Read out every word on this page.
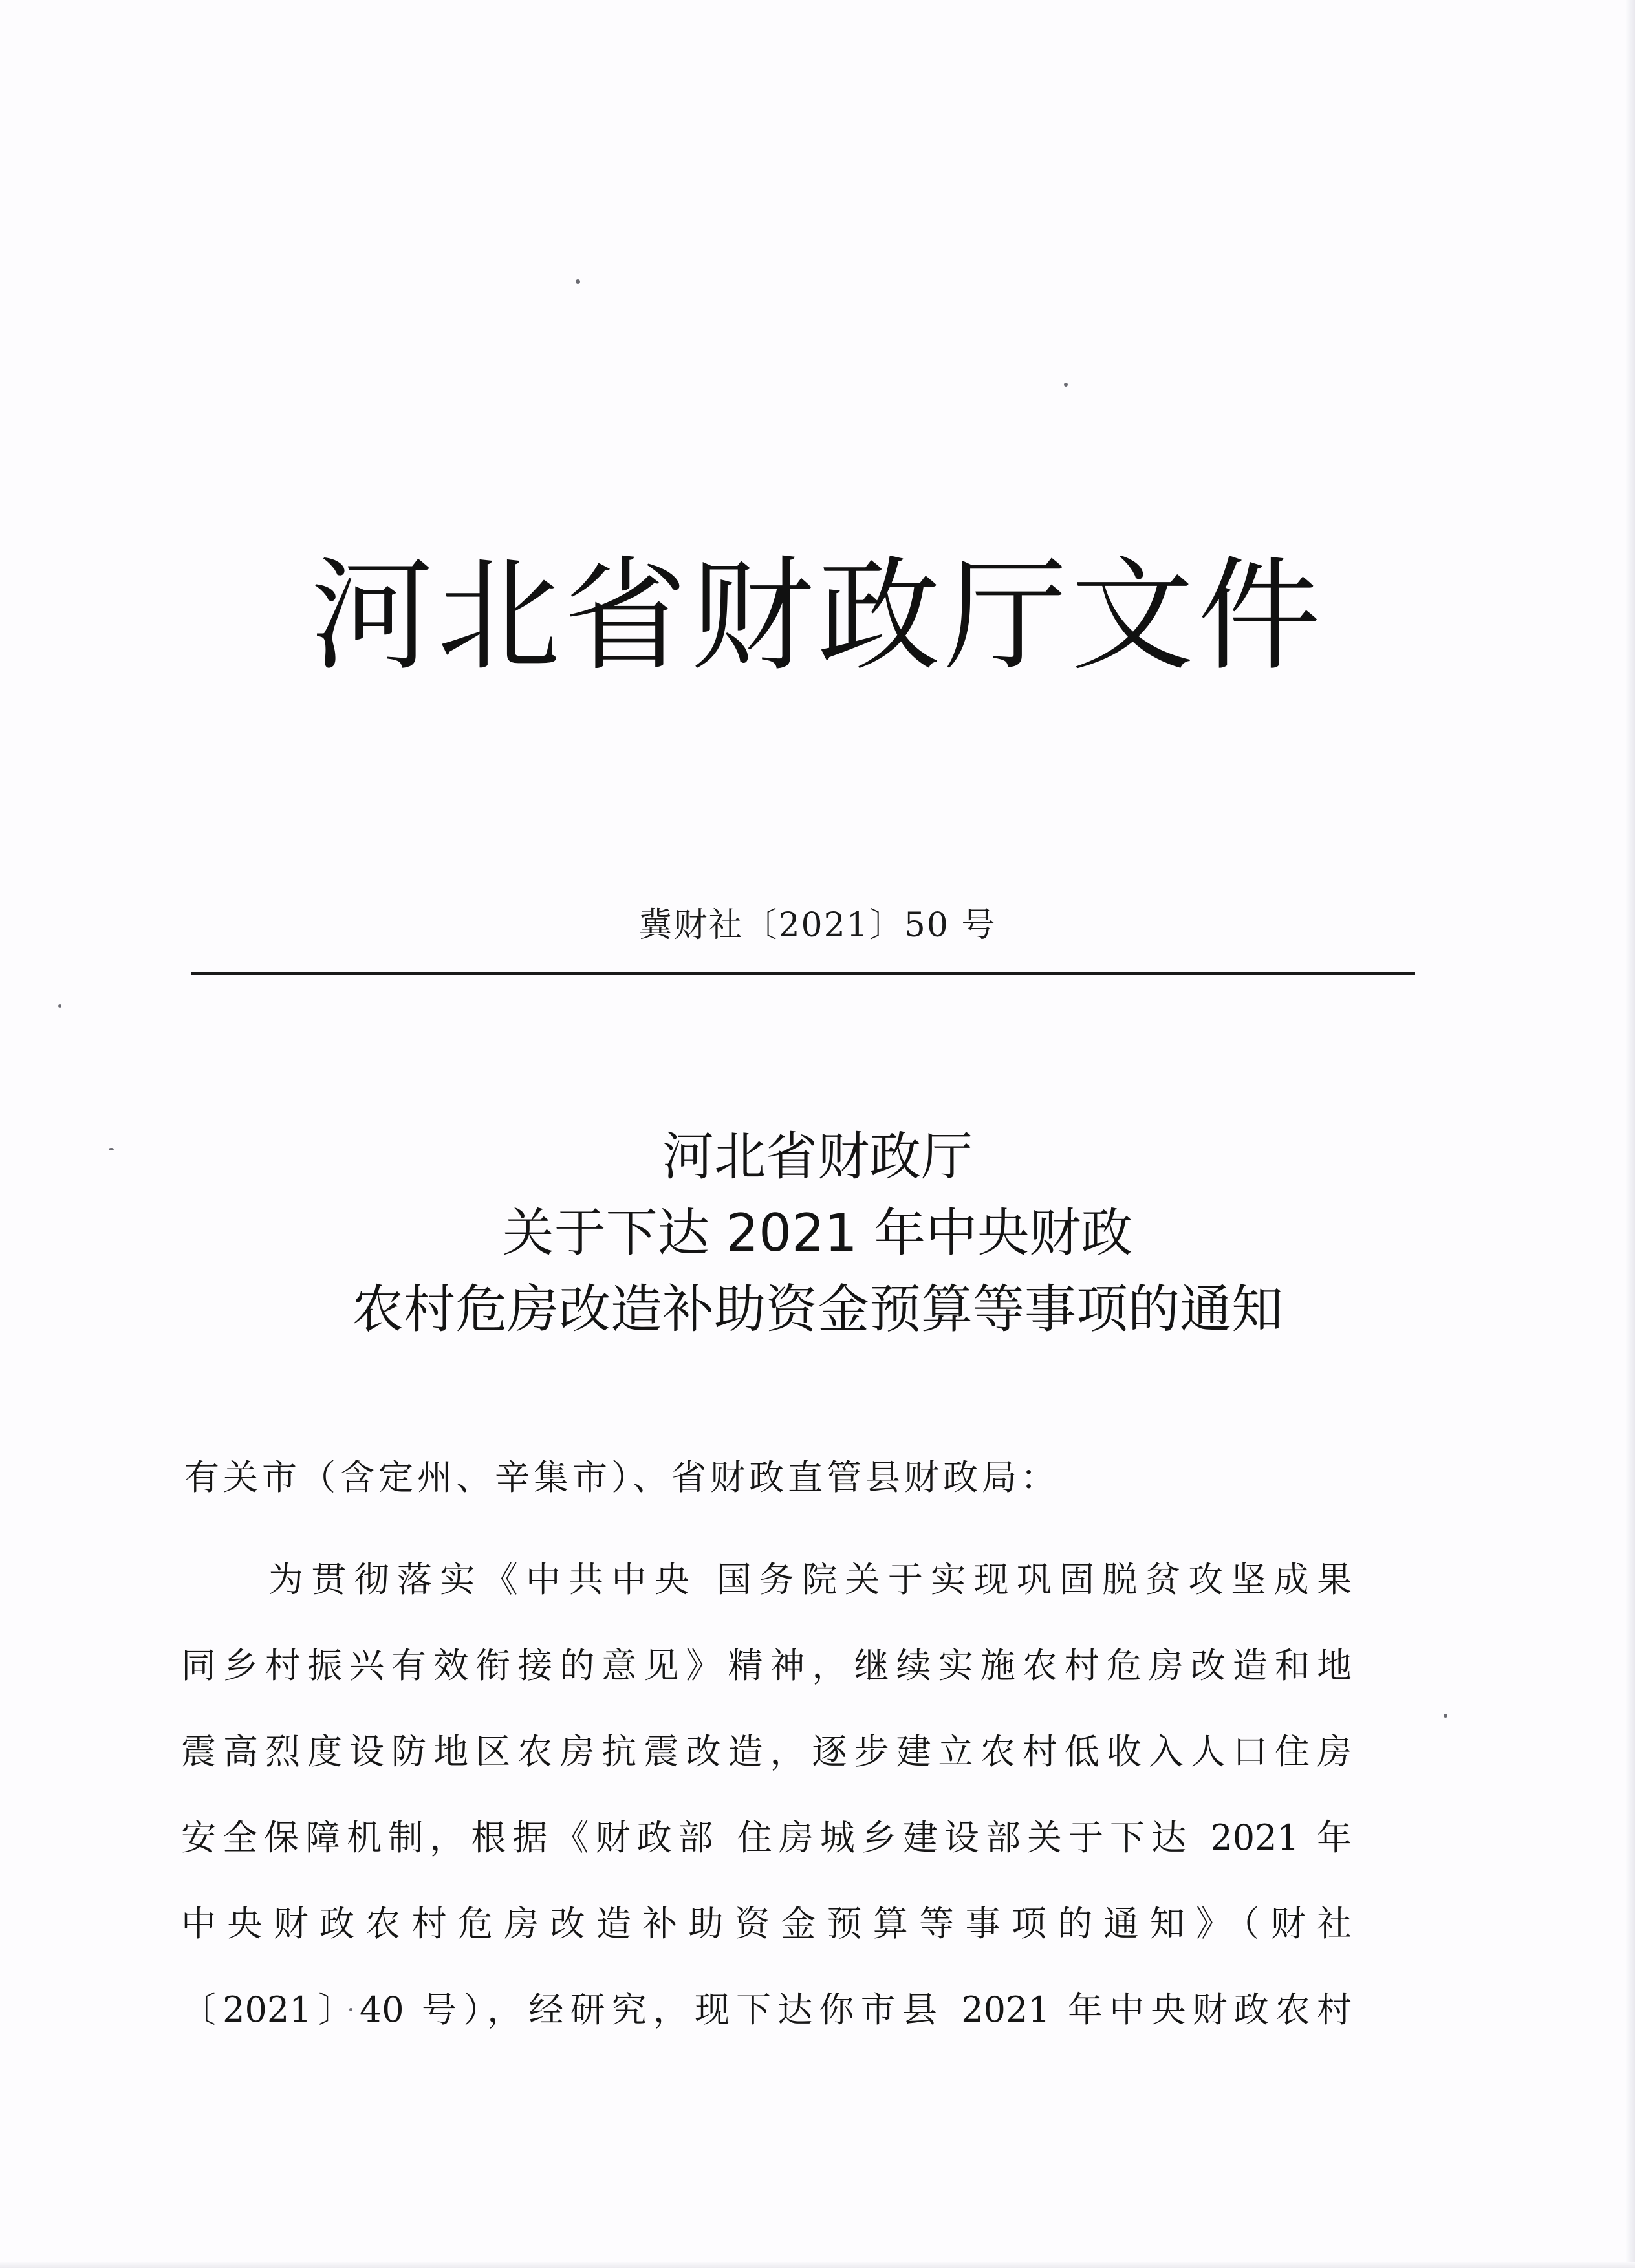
河北省财政厅文件
冀财社〔2021〕50 号
河北省财政厅
关于下达 2021 年中央财政
农村危房改造补助资金预算等事项的通知
有关市（含定州、辛集市）、省财政直管县财政局：
为贯彻落实《中共中央 国务院关于实现巩固脱贫攻坚成果
同乡村振兴有效衔接的意见》精神，继续实施农村危房改造和地
震高烈度设防地区农房抗震改造，逐步建立农村低收入人口住房
安全保障机制，根据《财政部 住房城乡建设部关于下达 2021 年
中央财政农村危房改造补助资金预算等事项的通知》（财社
〔2021〕40 号），经研究，现下达你市县 2021 年中央财政农村
